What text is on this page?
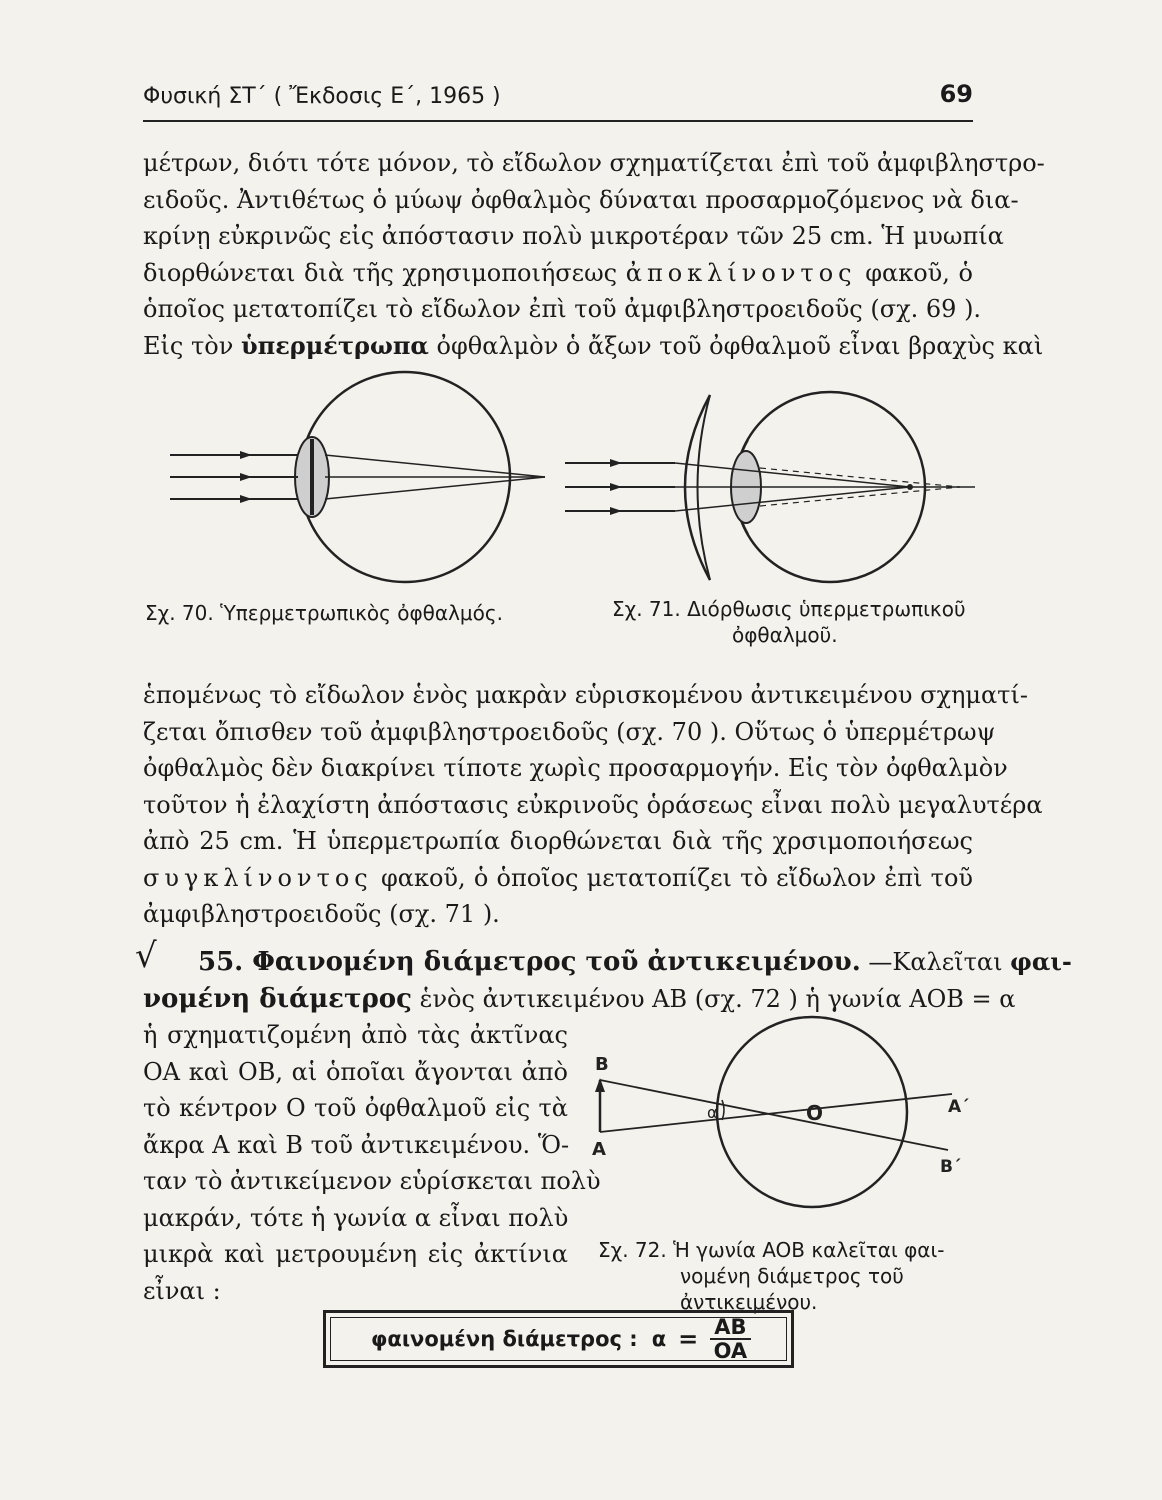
Φυσική ΣΤ΄ ( Ἔκδοσις Ε΄, 1965 )	69
μέτρων, διότι τότε μόνον, τὸ εἴδωλον σχηματίζεται ἐπὶ τοῦ ἀμφιβληστρο-
ειδοῦς. Ἀντιθέτως ὁ μύωψ ὀφθαλμὸς δύναται προσαρμοζόμενος νὰ δια-
κρίνῃ εὐκρινῶς εἰς ἀπόστασιν πολὺ μικροτέραν τῶν 25 cm. Ἡ μυωπία
διορθώνεται διὰ τῆς χρησιμοποιήσεως ἀποκλίνοντος φακοῦ, ὁ
ὁποῖος μετατοπίζει τὸ εἴδωλον ἐπὶ τοῦ ἀμφιβληστροειδοῦς (σχ. 69 ).
Εἰς τὸν ὑπερμέτρωπα ὀφθαλμὸν ὁ ἄξων τοῦ ὀφθαλμοῦ εἶναι βραχὺς καὶ
Σχ. 70. Ὑπερμετρωπικὸς ὀφθαλμός.	Σχ. 71. Διόρθωσις ὑπερμετρωπικοῦ
ὀφθαλμοῦ.
ἑπομένως τὸ εἴδωλον ἑνὸς μακρὰν εὑρισκομένου ἀντικειμένου σχηματί-
ζεται ὄπισθεν τοῦ ἀμφιβληστροειδοῦς (σχ. 70 ). Οὕτως ὁ ὑπερμέτρωψ
ὀφθαλμὸς δὲν διακρίνει τίποτε χωρὶς προσαρμογήν. Εἰς τὸν ὀφθαλμὸν
τοῦτον ἡ ἐλαχίστη ἀπόστασις εὐκρινοῦς ὁράσεως εἶναι πολὺ μεγαλυτέρα
ἀπὸ 25 cm. Ἡ ὑπερμετρωπία διορθώνεται διὰ τῆς χρσιμοποιήσεως
συγκλίνοντος φακοῦ, ὁ ὁποῖος μετατοπίζει τὸ εἴδωλον ἐπὶ τοῦ
ἀμφιβληστροειδοῦς (σχ. 71 ).
√	55. Φαινομένη διάμετρος τοῦ ἀντικειμένου. —Καλεῖται φαι-
νομένη διάμετρος ἑνὸς ἀντικειμένου AB (σχ. 72 ) ἡ γωνία AOB = α
ἡ σχηματιζομένη ἀπὸ τὰς ἀκτῖνας
OA καὶ OB, αἱ ὁποῖαι ἄγονται ἀπὸ
τὸ κέντρον Ο τοῦ ὀφθαλμοῦ εἰς τὰ
ἄκρα Α καὶ Β τοῦ ἀντικειμένου. Ὅ-
ταν τὸ ἀντικείμενον εὑρίσκεται πολὺ
μακράν, τότε ἡ γωνία α εἶναι πολὺ
μικρὰ καὶ μετρουμένη εἰς ἀκτίνια
εἶναι :
B
A
α	O	A΄
B΄
Σχ. 72. Ἡ γωνία AOB καλεῖται φαι-
νομένη διάμετρος τοῦ ἀντικειμένου.
φαινομένη διάμετρος : $\alpha = \frac{AB}{OA}$
